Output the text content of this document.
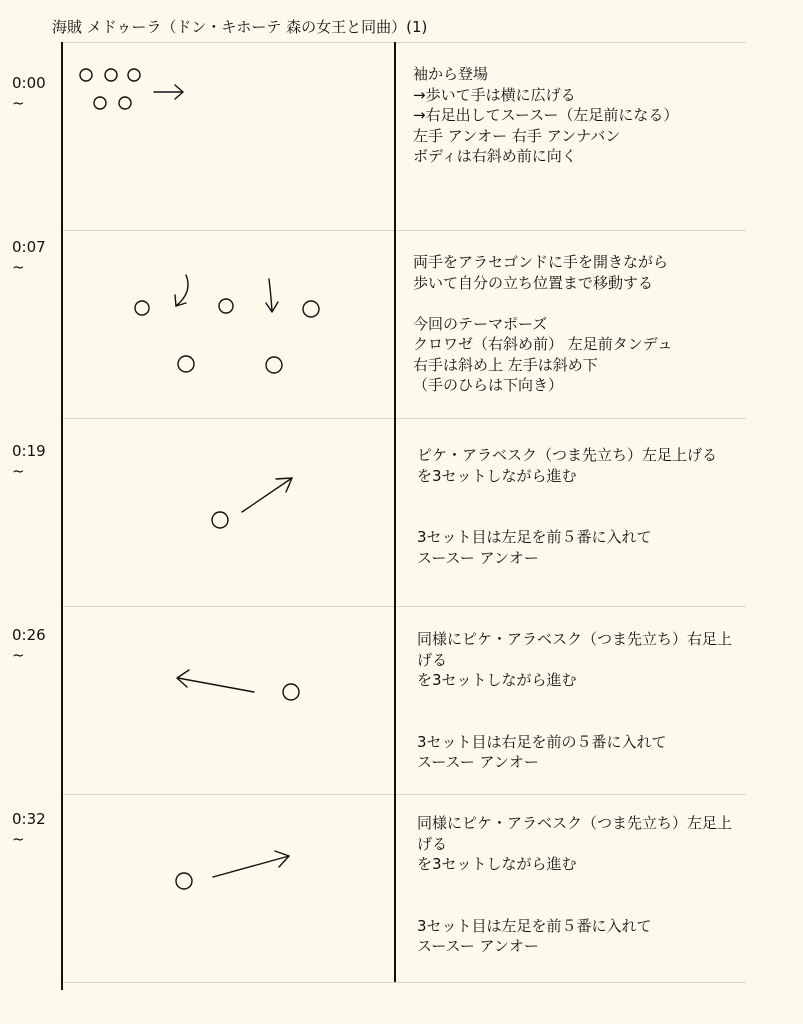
海賊 メドゥーラ（ドン・キホーテ 森の女王と同曲）(1)
0:00
~
袖から登場
→歩いて手は横に広げる
→右足出してスースー（左足前になる）
左手 アンオー 右手 アンナバン
ボディは右斜め前に向く
0:07
~	両手をアラセゴンドに手を開きながら
歩いて自分の立ち位置まで移動する
今回のテーマポーズ
クロワゼ（右斜め前） 左足前タンデュ
右手は斜め上 左手は斜め下
（手のひらは下向き）
0:19
~
ピケ・アラベスク（つま先立ち）左足上げる
を3セットしながら進む
3セット目は左足を前５番に入れて
スースー アンオー
0:26
~
同様にピケ・アラベスク（つま先立ち）右足上
げる
を3セットしながら進む
3セット目は右足を前の５番に入れて
スースー アンオー
0:32
~
同様にピケ・アラベスク（つま先立ち）左足上
げる
を3セットしながら進む
3セット目は左足を前５番に入れて
スースー アンオー
